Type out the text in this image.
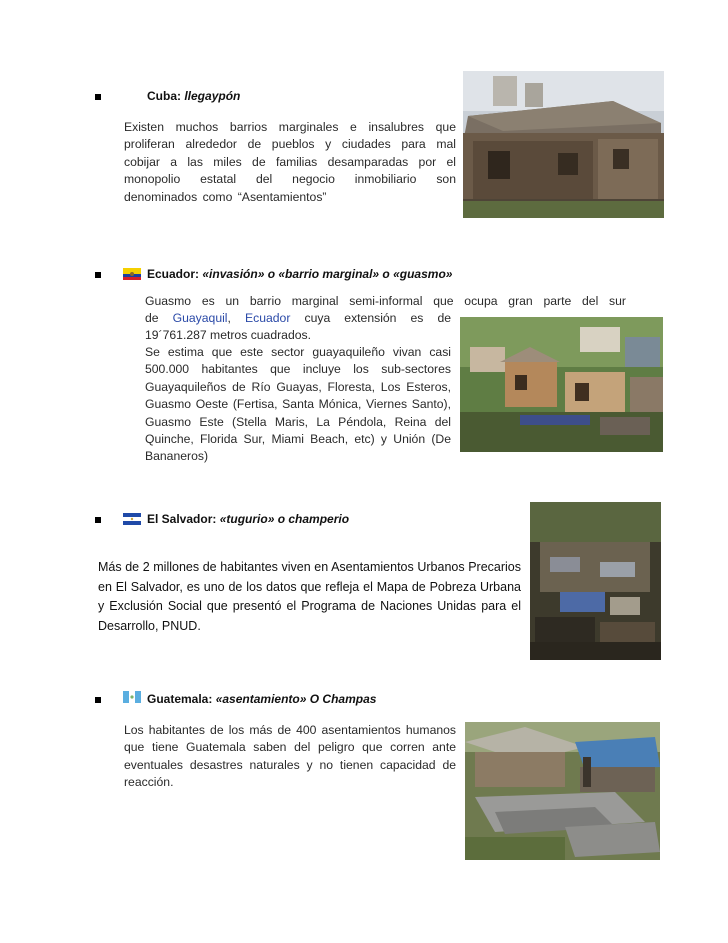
Cuba: llegaypón
Existen muchos barrios marginales e insalubres que proliferan alrededor de pueblos y ciudades para mal cobijar a las miles de familias desamparadas por el monopolio estatal del negocio inmobiliario son denominados como “Asentamientos”
Ecuador: «invasión» o «barrio marginal» o «guasmo»
Guasmo es un barrio marginal semi-informal que ocupa gran parte del sur
de Guayaquil, Ecuador cuya extensión es de
19´761.287 metros cuadrados.
Se estima que este sector guayaquileño vivan casi 500.000 habitantes que incluye los sub-sectores Guayaquileños de Río Guayas, Floresta, Los Esteros, Guasmo Oeste (Fertisa, Santa Mónica, Viernes Santo), Guasmo Este (Stella Maris, La Péndola, Reina del Quinche, Florida Sur, Miami Beach, etc) y Unión (De Bananeros)
El Salvador: «tugurio» o champerio
Más de 2 millones de habitantes viven en Asentamientos Urbanos Precarios en El Salvador, es uno de los datos que refleja el Mapa de Pobreza Urbana y Exclusión Social que presentó el Programa de Naciones Unidas para el Desarrollo, PNUD.
Guatemala: «asentamiento» O Champas
Los habitantes de los más de 400 asentamientos humanos que tiene Guatemala saben del peligro que corren ante eventuales desastres naturales y no tienen capacidad de reacción.
